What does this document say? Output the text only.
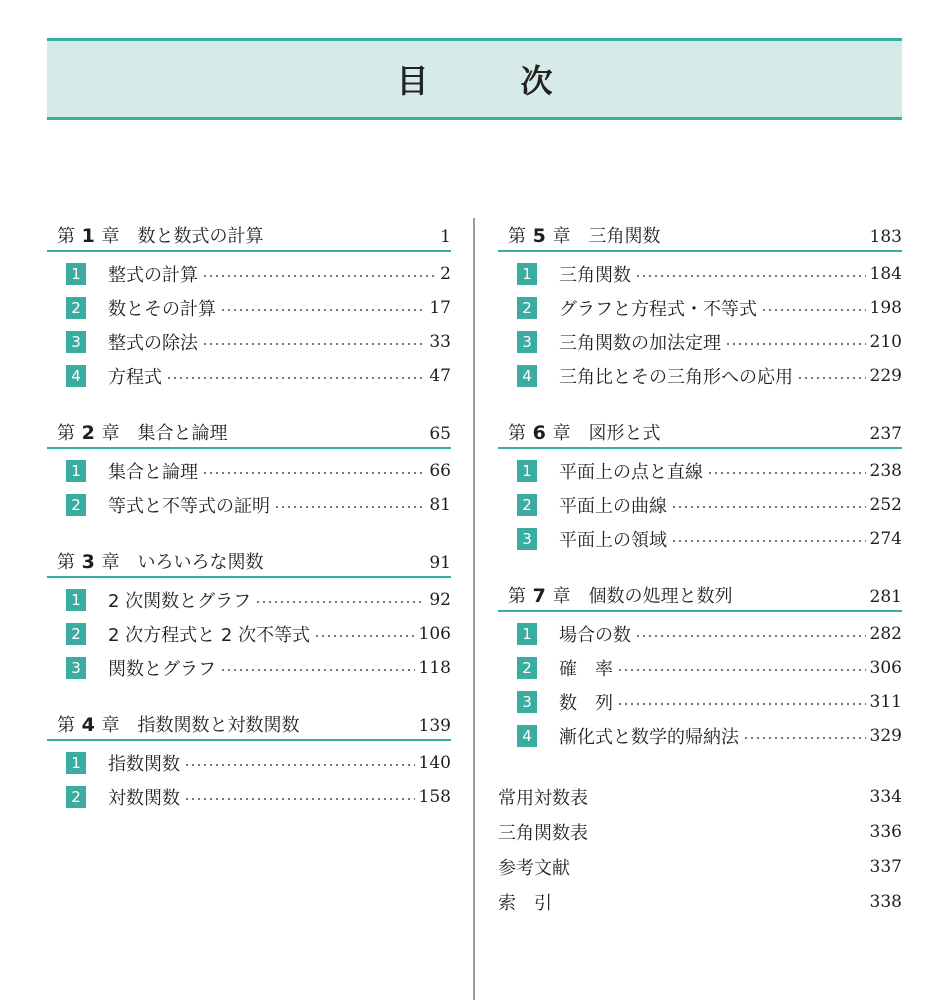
目　次
第 1 章 数と数式の計算	1
1 整式の計算	2
2 数とその計算	17
3 整式の除法	33
4 方程式	47
第 2 章 集合と論理	65
1 集合と論理	66
2 等式と不等式の証明	81
第 3 章 いろいろな関数	91
1 2 次関数とグラフ	92
2 2 次方程式と 2 次不等式	106
3 関数とグラフ	118
第 4 章 指数関数と対数関数	139
1 指数関数	140
2 対数関数	158
第 5 章 三角関数	183
1 三角関数	184
2 グラフと方程式・不等式	198
3 三角関数の加法定理	210
4 三角比とその三角形への応用	229
第 6 章 図形と式	237
1 平面上の点と直線	238
2 平面上の曲線	252
3 平面上の領域	274
第 7 章 個数の処理と数列	281
1 場合の数	282
2 確　率	306
3 数　列	311
4 漸化式と数学的帰納法	329
常用対数表	334
三角関数表	336
参考文献	337
索　引	338
